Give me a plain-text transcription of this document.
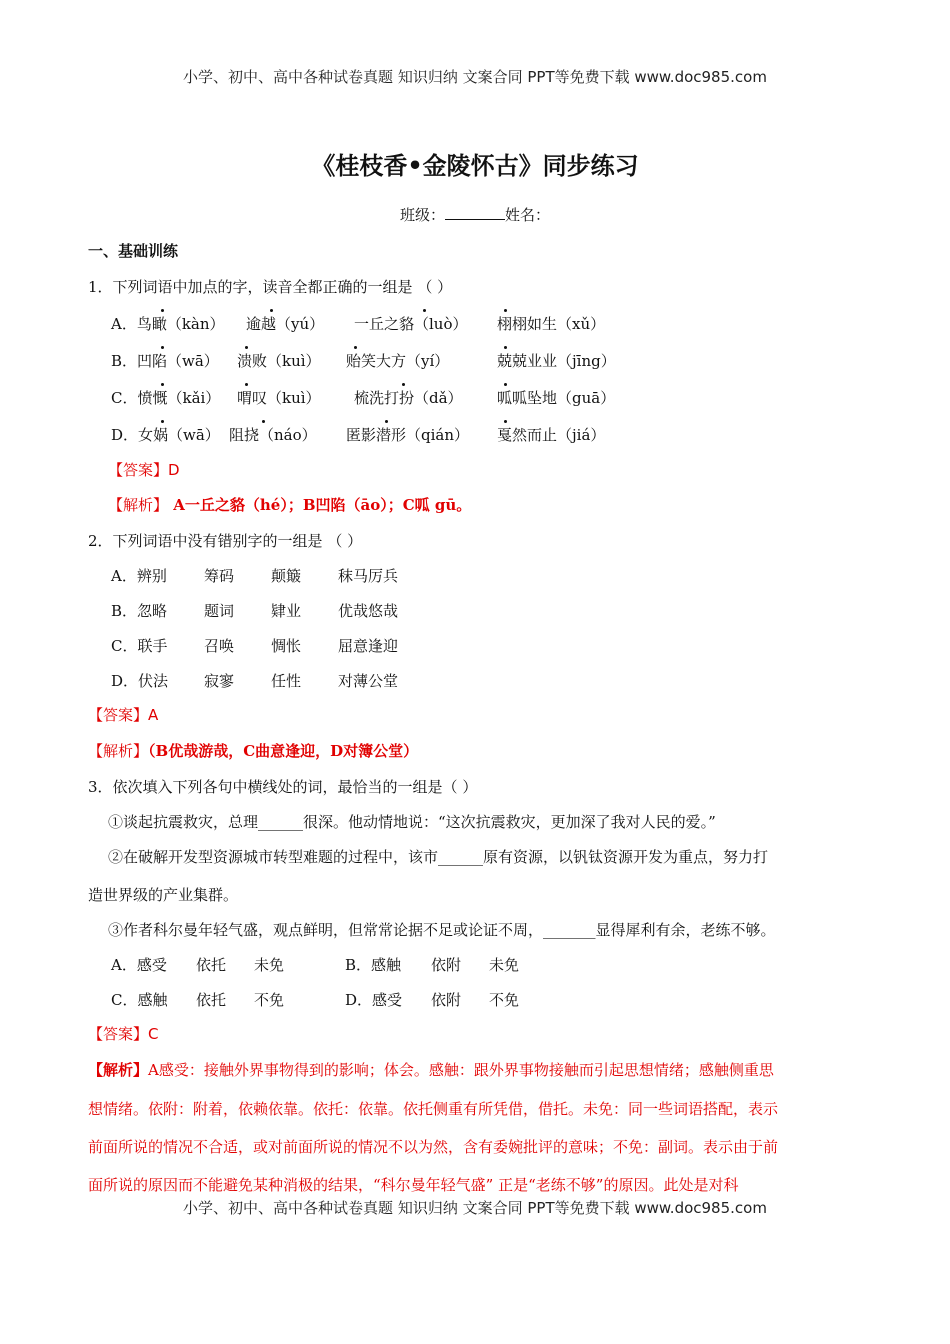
小学、初中、高中各种试卷真题 知识归纳 文案合同 PPT等免费下载 www.doc985.com
《桂枝香•金陵怀古》同步练习
班级：	姓名：
一、基础训练
1．下列词语中加点的字，读音全都正确的一组是 （ ）
A．鸟瞰（kàn） 逾越（yú） 一丘之貉（luò） 栩栩如生（xǔ）
B．凹陷（wā） 溃败（kuì） 贻笑大方（yí）	兢兢业业（jīng）
C．愤慨（kǎi） 喟叹（kuì） 梳洗打扮（dǎ） 呱呱坠地（guā）
D．女娲（wā） 阻挠（náo） 匿影潜形（qián） 戛然而止（jiá）
【答案】D
【解析】 A一丘之貉（hé）；B凹陷（āo）；C呱 gū。
2．下列词语中没有错别字的一组是 （ ）
A．辨别 筹码 颠簸 秣马厉兵
B．忽略 题词 肄业 优哉悠哉
C．联手 召唤 惆怅 屈意逢迎
D．伏法 寂寥 任性 对薄公堂
【答案】A
【解析】（B优哉游哉，C曲意逢迎，D对簿公堂）
3．依次填入下列各句中横线处的词，最恰当的一组是（ ）
①谈起抗震救灾，总理______很深。他动情地说：“这次抗震救灾，更加深了我对人民的爱。”
②在破解开发型资源城市转型难题的过程中，该市______原有资源，以钒钛资源开发为重点，努力打
造世界级的产业集群。
③作者科尔曼年轻气盛，观点鲜明，但常常论据不足或论证不周，_______显得犀利有余，老练不够。
A．感受 依托 未免	B．感触 依附 未免
C．感触 依托 不免	D．感受 依附 不免
【答案】C
【解析】A感受：接触外界事物得到的影响；体会。感触：跟外界事物接触而引起思想情绪；感触侧重思
想情绪。依附：附着，依赖依靠。依托：依靠。依托侧重有所凭借，借托。未免：同一些词语搭配，表示
前面所说的情况不合适，或对前面所说的情况不以为然，含有委婉批评的意味；不免：副词。表示由于前
面所说的原因而不能避免某种消极的结果，“科尔曼年轻气盛” 正是“老练不够”的原因。此处是对科
小学、初中、高中各种试卷真题 知识归纳 文案合同 PPT等免费下载 www.doc985.com
